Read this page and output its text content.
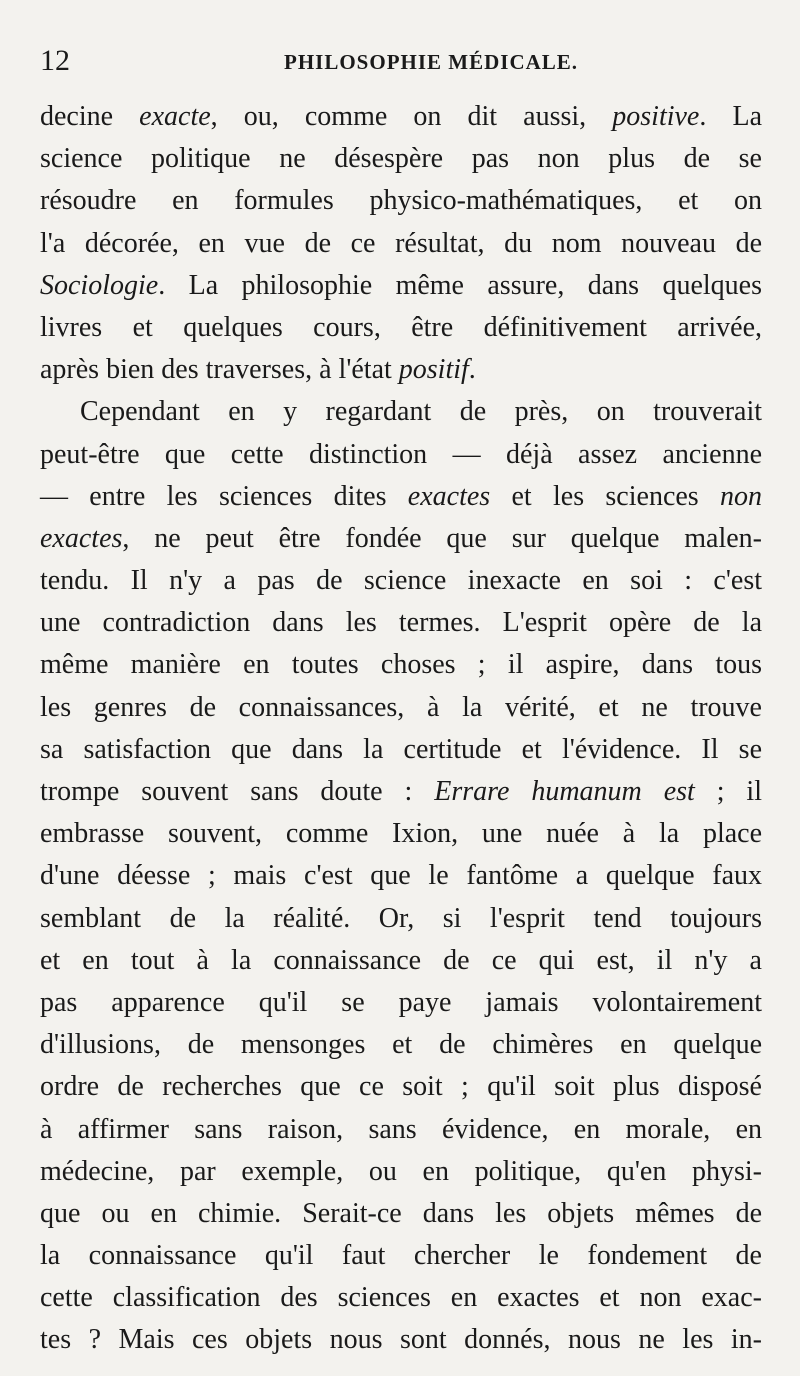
12	PHILOSOPHIE MÉDICALE.
decine exacte, ou, comme on dit aussi, positive. La
science politique ne désespère pas non plus de se
résoudre en formules physico-mathématiques, et on
l'a décorée, en vue de ce résultat, du nom nouveau de
Sociologie. La philosophie même assure, dans quelques
livres et quelques cours, être définitivement arrivée,
après bien des traverses, à l'état positif.
Cependant en y regardant de près, on trouverait
peut-être que cette distinction — déjà assez ancienne
— entre les sciences dites exactes et les sciences non
exactes, ne peut être fondée que sur quelque malen-
tendu. Il n'y a pas de science inexacte en soi : c'est
une contradiction dans les termes. L'esprit opère de la
même manière en toutes choses ; il aspire, dans tous
les genres de connaissances, à la vérité, et ne trouve
sa satisfaction que dans la certitude et l'évidence. Il se
trompe souvent sans doute : Errare humanum est ; il
embrasse souvent, comme Ixion, une nuée à la place
d'une déesse ; mais c'est que le fantôme a quelque faux
semblant de la réalité. Or, si l'esprit tend toujours
et en tout à la connaissance de ce qui est, il n'y a
pas apparence qu'il se paye jamais volontairement
d'illusions, de mensonges et de chimères en quelque
ordre de recherches que ce soit ; qu'il soit plus disposé
à affirmer sans raison, sans évidence, en morale, en
médecine, par exemple, ou en politique, qu'en physi-
que ou en chimie. Serait-ce dans les objets mêmes de
la connaissance qu'il faut chercher le fondement de
cette classification des sciences en exactes et non exac-
tes ? Mais ces objets nous sont donnés, nous ne les in-
